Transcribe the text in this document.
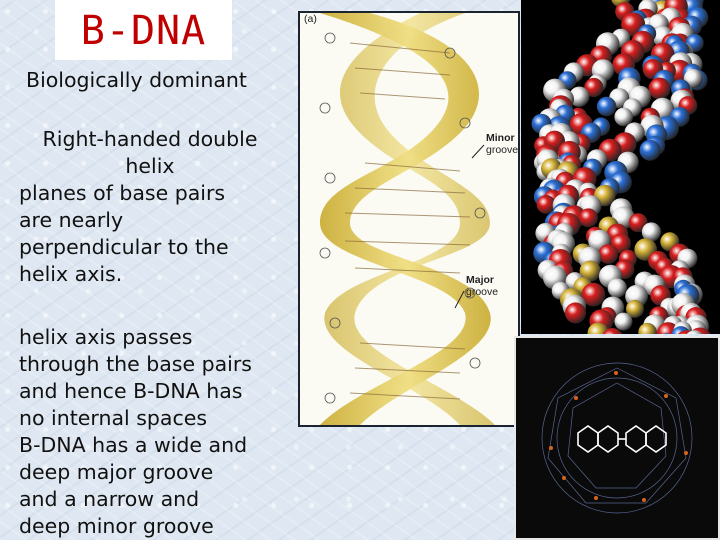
B-DNA
Biologically dominant
Right-handed double
helix
planes of base pairs
are nearly
perpendicular to the
helix axis.
helix axis passes
through the base pairs
and hence B-DNA has
no internal spaces
B-DNA has a wide and
deep major groove
and a narrow and
deep minor groove
(a)
Minor
groove
Major
groove
